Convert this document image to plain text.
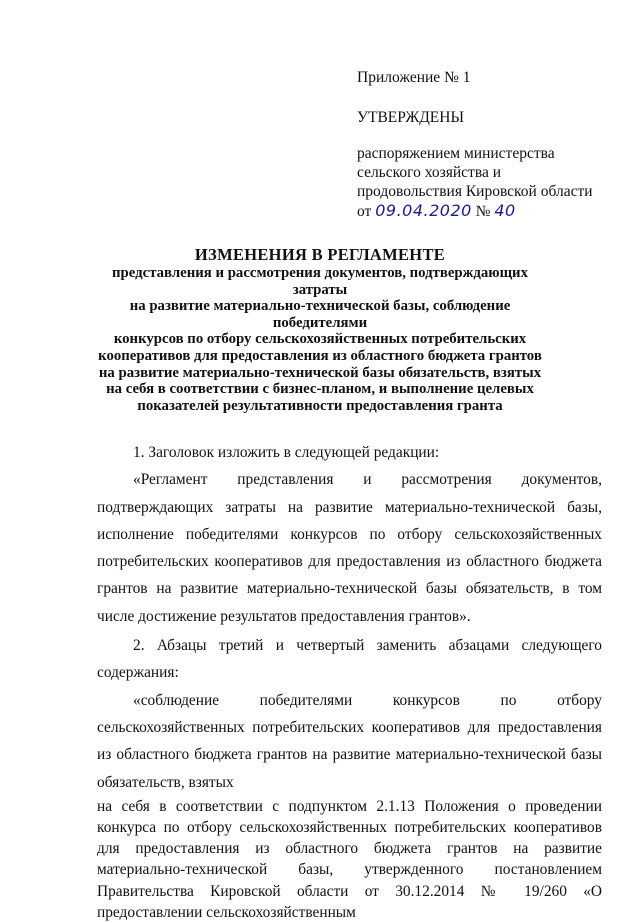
Приложение № 1
УТВЕРЖДЕНЫ
распоряжением министерства
сельского хозяйства и
продовольствия Кировской области
от 09.04.2020 № 40
ИЗМЕНЕНИЯ В РЕГЛАМЕНТЕ
представления и рассмотрения документов, подтверждающих затраты
на развитие материально-технической базы, соблюдение победителями
конкурсов по отбору сельскохозяйственных потребительских
кооперативов для предоставления из областного бюджета грантов
на развитие материально-технической базы обязательств, взятых
на себя в соответствии с бизнес-планом, и выполнение целевых
показателей результативности предоставления гранта

1. Заголовок изложить в следующей редакции:

«Регламент представления и рассмотрения документов, подтверждающих затраты на развитие материально-технической базы, исполнение победителями конкурсов по отбору сельскохозяйственных потребительских кооперативов для предоставления из областного бюджета грантов на развитие материально-технической базы обязательств, в том числе достижение результатов предоставления грантов».

2. Абзацы третий и четвертый заменить абзацами следующего содержания:

«соблюдение победителями конкурсов по отбору сельскохозяйственных потребительских кооперативов для предоставления из областного бюджета грантов на развитие материально-технической базы обязательств, взятых

на себя в соответствии с подпунктом 2.1.13 Положения о проведении конкурса по отбору сельскохозяйственных потребительских кооперативов для предоставления из областного бюджета грантов на развитие материально-технической базы, утвержденного постановлением Правительства Кировской области от 30.12.2014 № 19/260 «О предоставлении сельскохозяйственным
